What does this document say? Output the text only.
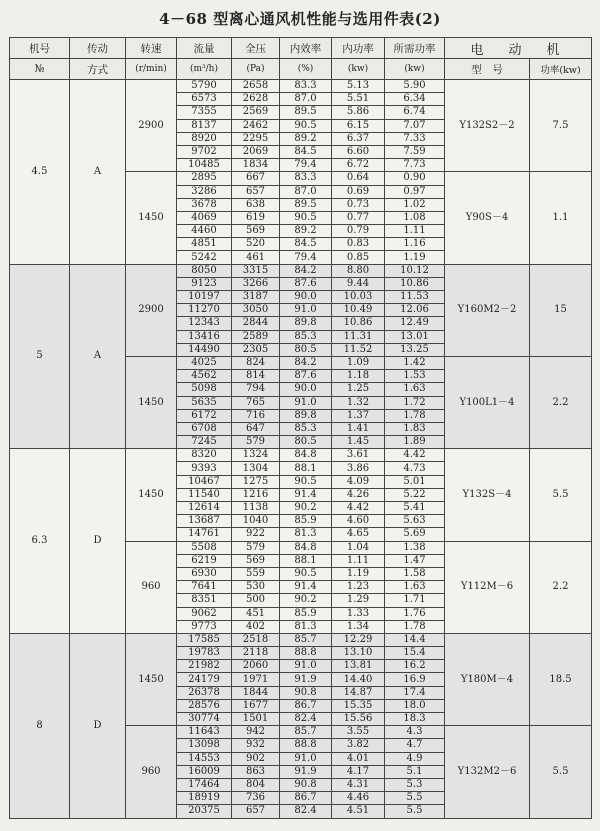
4－68 型离心通风机性能与选用件表(2)
机号	传动	转速	流量	全压	内效率	内功率	所需功率	电　动　机	
№	方式	(r/min)	(m³/h)	(Pa)	(%)	(kw)	(kw)	型　号	功率(kw)
4.5	A	2900	5790	2658	83.3	5.13	5.90	Y132S2－2	7.5
			6573	2628	87.0	5.51	6.34		
			7355	2569	89.5	5.86	6.74		
			8137	2462	90.5	6.15	7.07		
			8920	2295	89.2	6.37	7.33		
			9702	2069	84.5	6.60	7.59		
			10485	1834	79.4	6.72	7.73		
		1450	2895	667	83.3	0.64	0.90	Y90S－4	1.1
			3286	657	87.0	0.69	0.97		
			3678	638	89.5	0.73	1.02		
			4069	619	90.5	0.77	1.08		
			4460	569	89.2	0.79	1.11		
			4851	520	84.5	0.83	1.16		
			5242	461	79.4	0.85	1.19		
5	A	2900	8050	3315	84.2	8.80	10.12	Y160M2－2	15
			9123	3266	87.6	9.44	10.86		
			10197	3187	90.0	10.03	11.53		
			11270	3050	91.0	10.49	12.06		
			12343	2844	89.8	10.86	12.49		
			13416	2589	85.3	11.31	13.01		
			14490	2305	80.5	11.52	13.25		
		1450	4025	824	84.2	1.09	1.42	Y100L1－4	2.2
			4562	814	87.6	1.18	1.53		
			5098	794	90.0	1.25	1.63		
			5635	765	91.0	1.32	1.72		
			6172	716	89.8	1.37	1.78		
			6708	647	85.3	1.41	1.83		
			7245	579	80.5	1.45	1.89		
6.3	D	1450	8320	1324	84.8	3.61	4.42	Y132S－4	5.5
			9393	1304	88.1	3.86	4.73		
			10467	1275	90.5	4.09	5.01		
			11540	1216	91.4	4.26	5.22		
			12614	1138	90.2	4.42	5.41		
			13687	1040	85.9	4.60	5.63		
			14761	922	81.3	4.65	5.69		
		960	5508	579	84.8	1.04	1.38	Y112M－6	2.2
			6219	569	88.1	1.11	1.47		
			6930	559	90.5	1.19	1.58		
			7641	530	91.4	1.23	1.63		
			8351	500	90.2	1.29	1.71		
			9062	451	85.9	1.33	1.76		
			9773	402	81.3	1.34	1.78		
8	D	1450	17585	2518	85.7	12.29	14.4	Y180M－4	18.5
			19783	2118	88.8	13.10	15.4		
			21982	2060	91.0	13.81	16.2		
			24179	1971	91.9	14.40	16.9		
			26378	1844	90.8	14.87	17.4		
			28576	1677	86.7	15.35	18.0		
			30774	1501	82.4	15.56	18.3		
		960	11643	942	85.7	3.55	4.3	Y132M2－6	5.5
			13098	932	88.8	3.82	4.7		
			14553	902	91.0	4.01	4.9		
			16009	863	91.9	4.17	5.1		
			17464	804	90.8	4.31	5.3		
			18919	736	86.7	4.46	5.5		
			20375	657	82.4	4.51	5.5		
